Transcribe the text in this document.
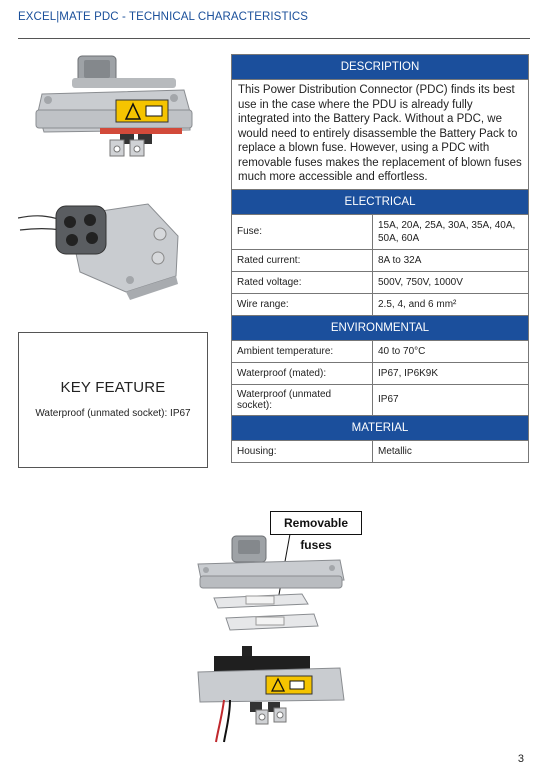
EXCEL|MATE PDC - TECHNICAL CHARACTERISTICS
DESCRIPTION	
This Power Distribution Connector (PDC) finds its best use in the case where the PDU is already fully integrated into the Battery Pack. Without a PDC, we would need to entirely disassemble the Battery Pack to replace a blown fuse. However, using a PDC with removable fuses makes the replacement of blown fuses much more accessible and effortless.	
ELECTRICAL	
Fuse:	15A, 20A, 25A, 30A, 35A, 40A, 50A, 60A
Rated current:	8A to 32A
Rated voltage:	500V, 750V, 1000V
Wire range:	2.5, 4, and 6 mm²
ENVIRONMENTAL	
Ambient temperature:	40 to 70°C
Waterproof (mated):	IP67, IP6K9K
Waterproof (unmated socket):	IP67
MATERIAL	
Housing:	Metallic
KEY FEATURE
Waterproof (unmated socket): IP67
Removable fuses
3
